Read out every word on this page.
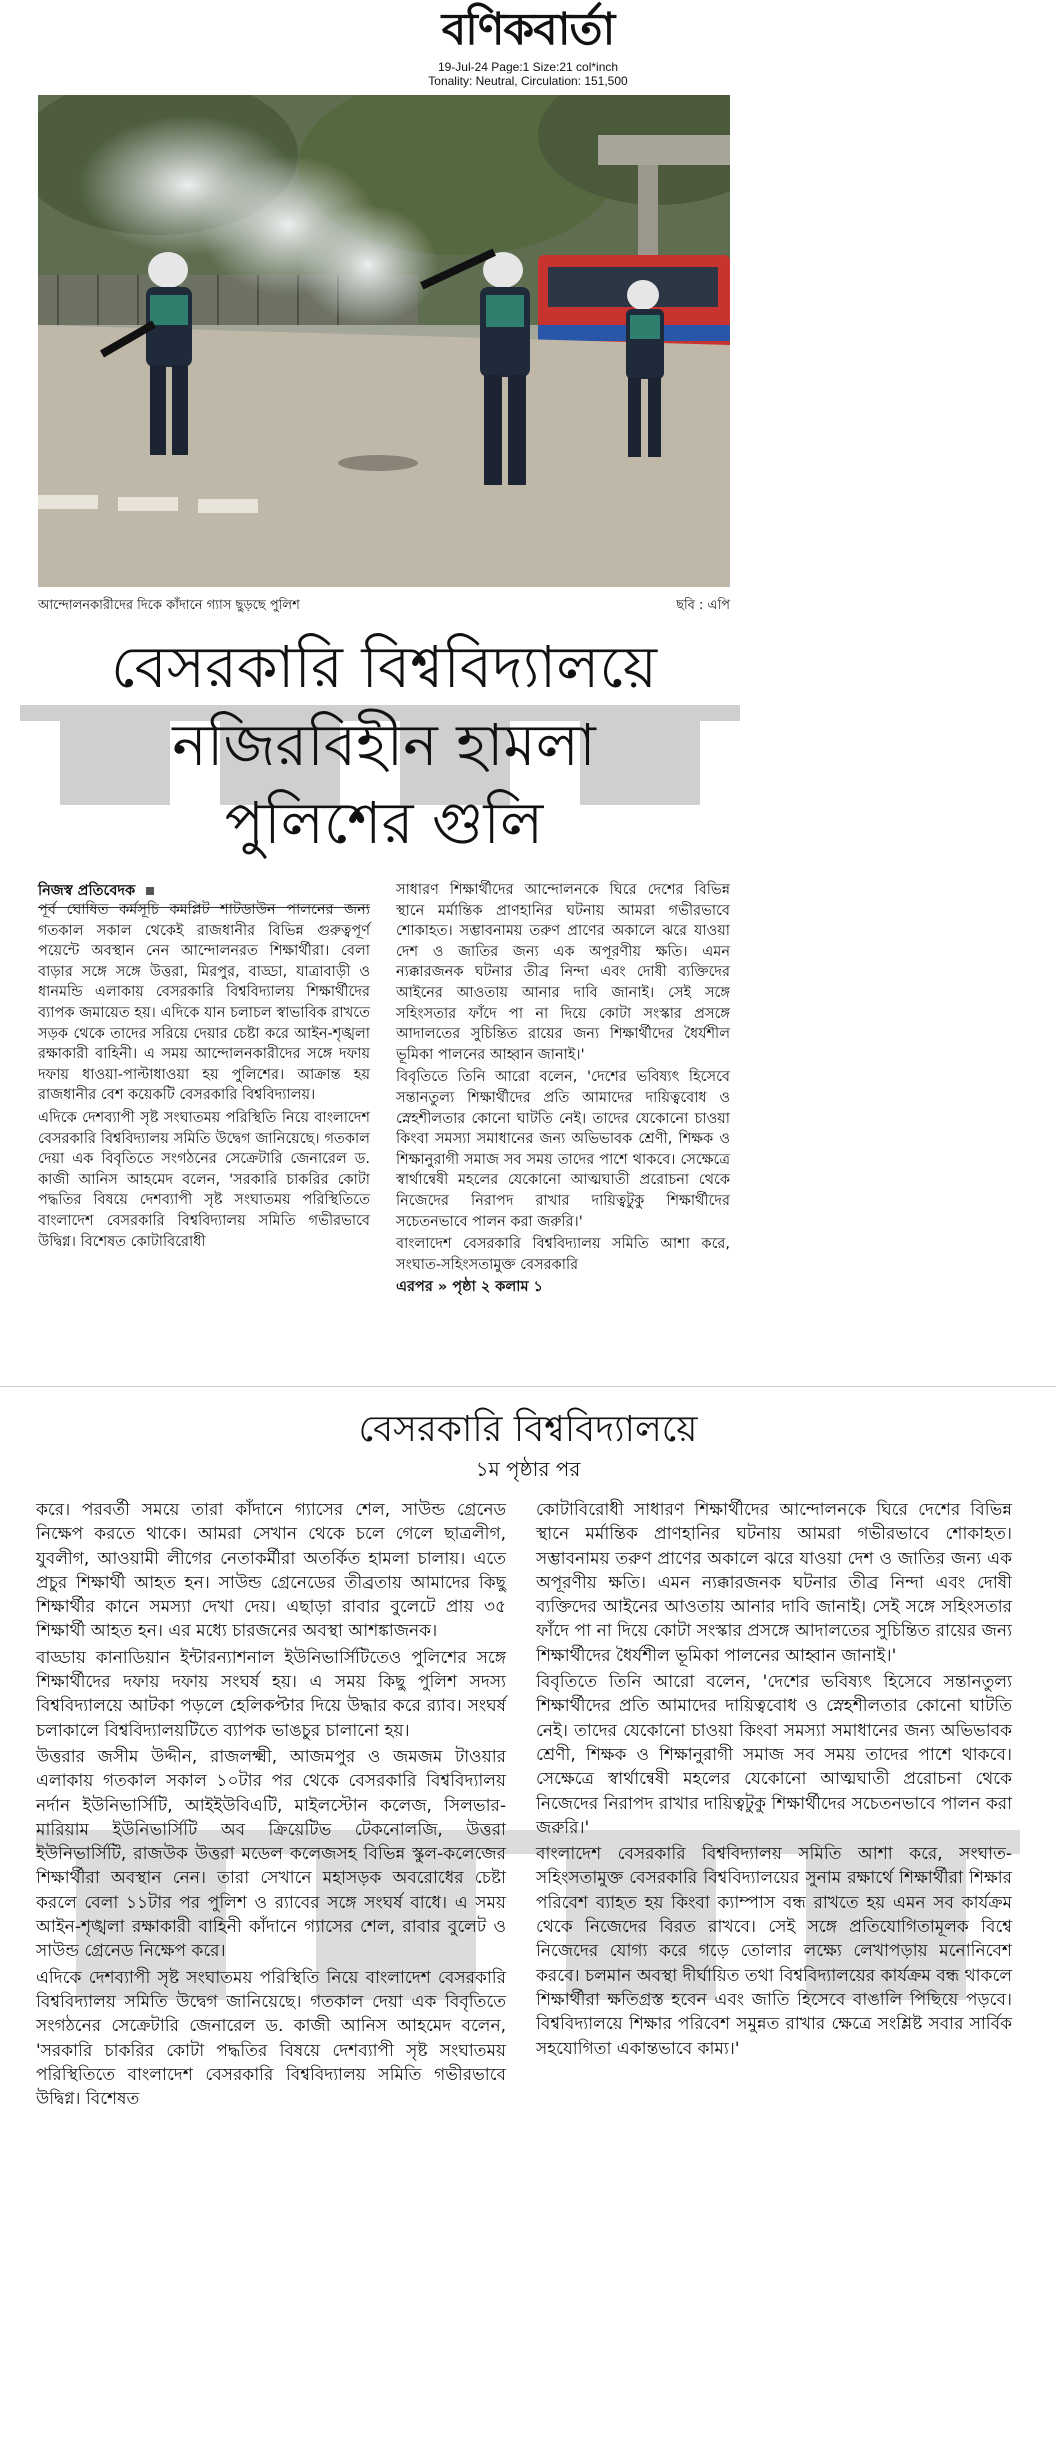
বণিকবার্তা
19-Jul-24 Page:1 Size:21 col*inch
Tonality: Neutral, Circulation: 151,500
আন্দোলনকারীদের দিকে কাঁদানে গ্যাস ছুড়ছে পুলিশ	ছবি : এপি
বেসরকারি বিশ্ববিদ্যালয়ে
নজিরবিহীন হামলা
পুলিশের গুলি
নিজস্ব প্রতিবেদক

পূর্ব ঘোষিত কর্মসূচি কমপ্লিট শাটডাউন পালনের জন্য গতকাল সকাল থেকেই রাজধানীর বিভিন্ন গুরুত্বপূর্ণ পয়েন্টে অবস্থান নেন আন্দোলনরত শিক্ষার্থীরা। বেলা বাড়ার সঙ্গে সঙ্গে উত্তরা, মিরপুর, বাড্ডা, যাত্রাবাড়ী ও ধানমন্ডি এলাকায় বেসরকারি বিশ্ববিদ্যালয় শিক্ষার্থীদের ব্যাপক জমায়েত হয়। এদিকে যান চলাচল স্বাভাবিক রাখতে সড়ক থেকে তাদের সরিয়ে দেয়ার চেষ্টা করে আইন-শৃঙ্খলা রক্ষাকারী বাহিনী। এ সময় আন্দোলনকারীদের সঙ্গে দফায় দফায় ধাওয়া-পাল্টাধাওয়া হয় পুলিশের। আক্রান্ত হয় রাজধানীর বেশ কয়েকটি বেসরকারি বিশ্ববিদ্যালয়।

এদিকে দেশব্যাপী সৃষ্ট সংঘাতময় পরিস্থিতি নিয়ে বাংলাদেশ বেসরকারি বিশ্ববিদ্যালয় সমিতি উদ্বেগ জানিয়েছে। গতকাল দেয়া এক বিবৃতিতে সংগঠনের সেক্রেটারি জেনারেল ড. কাজী আনিস আহমেদ বলেন, 'সরকারি চাকরির কোটা পদ্ধতির বিষয়ে দেশব্যাপী সৃষ্ট সংঘাতময় পরিস্থিতিতে বাংলাদেশ বেসরকারি বিশ্ববিদ্যালয় সমিতি গভীরভাবে উদ্বিগ্ন। বিশেষত কোটাবিরোধী

সাধারণ শিক্ষার্থীদের আন্দোলনকে ঘিরে দেশের বিভিন্ন স্থানে মর্মান্তিক প্রাণহানির ঘটনায় আমরা গভীরভাবে শোকাহত। সম্ভাবনাময় তরুণ প্রাণের অকালে ঝরে যাওয়া দেশ ও জাতির জন্য এক অপূরণীয় ক্ষতি। এমন ন্যক্কারজনক ঘটনার তীব্র নিন্দা এবং দোষী ব্যক্তিদের আইনের আওতায় আনার দাবি জানাই। সেই সঙ্গে সহিংসতার ফাঁদে পা না দিয়ে কোটা সংস্কার প্রসঙ্গে আদালতের সুচিন্তিত রায়ের জন্য শিক্ষার্থীদের ধৈর্যশীল ভূমিকা পালনের আহ্বান জানাই।'

বিবৃতিতে তিনি আরো বলেন, 'দেশের ভবিষ্যৎ হিসেবে সন্তানতুল্য শিক্ষার্থীদের প্রতি আমাদের দায়িত্ববোধ ও স্নেহশীলতার কোনো ঘাটতি নেই। তাদের যেকোনো চাওয়া কিংবা সমস্যা সমাধানের জন্য অভিভাবক শ্রেণী, শিক্ষক ও শিক্ষানুরাগী সমাজ সব সময় তাদের পাশে থাকবে। সেক্ষেত্রে স্বার্থান্বেষী মহলের যেকোনো আত্মঘাতী প্ররোচনা থেকে নিজেদের নিরাপদ রাখার দায়িত্বটুকু শিক্ষার্থীদের সচেতনভাবে পালন করা জরুরি।'

বাংলাদেশ বেসরকারি বিশ্ববিদ্যালয় সমিতি আশা করে, সংঘাত-সহিংসতামুক্ত বেসরকারি

এরপর » পৃষ্ঠা ২ কলাম ১

বেসরকারি বিশ্ববিদ্যালয়ে
১ম পৃষ্ঠার পর

করে। পরবর্তী সময়ে তারা কাঁদানে গ্যাসের শেল, সাউন্ড গ্রেনেড নিক্ষেপ করতে থাকে। আমরা সেখান থেকে চলে গেলে ছাত্রলীগ, যুবলীগ, আওয়ামী লীগের নেতাকর্মীরা অতর্কিত হামলা চালায়। এতে প্রচুর শিক্ষার্থী আহত হন। সাউন্ড গ্রেনেডের তীব্রতায় আমাদের কিছু শিক্ষার্থীর কানে সমস্যা দেখা দেয়। এছাড়া রাবার বুলেটে প্রায় ৩৫ শিক্ষার্থী আহত হন। এর মধ্যে চারজনের অবস্থা আশঙ্কাজনক।

বাড্ডায় কানাডিয়ান ইন্টারন্যাশনাল ইউনিভার্সিটিতেও পুলিশের সঙ্গে শিক্ষার্থীদের দফায় দফায় সংঘর্ষ হয়। এ সময় কিছু পুলিশ সদস্য বিশ্ববিদ্যালয়ে আটকা পড়লে হেলিকপ্টার দিয়ে উদ্ধার করে র‍্যাব। সংঘর্ষ চলাকালে বিশ্ববিদ্যালয়টিতে ব্যাপক ভাঙচুর চালানো হয়।

উত্তরার জসীম উদ্দীন, রাজলক্ষ্মী, আজমপুর ও জমজম টাওয়ার এলাকায় গতকাল সকাল ১০টার পর থেকে বেসরকারি বিশ্ববিদ্যালয় নর্দান ইউনিভার্সিটি, আইইউবিএটি, মাইলস্টোন কলেজ, সিলভার-মারিয়াম ইউনিভার্সিটি অব ক্রিয়েটিভ টেকনোলজি, উত্তরা ইউনিভার্সিটি, রাজউক উত্তরা মডেল কলেজসহ বিভিন্ন স্কুল-কলেজের শিক্ষার্থীরা অবস্থান নেন। তারা সেখানে মহাসড়ক অবরোধের চেষ্টা করলে বেলা ১১টার পর পুলিশ ও র‍্যাবের সঙ্গে সংঘর্ষ বাধে। এ সময় আইন-শৃঙ্খলা রক্ষাকারী বাহিনী কাঁদানে গ্যাসের শেল, রাবার বুলেট ও সাউন্ড গ্রেনেড নিক্ষেপ করে।

এদিকে দেশব্যাপী সৃষ্ট সংঘাতময় পরিস্থিতি নিয়ে বাংলাদেশ বেসরকারি বিশ্ববিদ্যালয় সমিতি উদ্বেগ জানিয়েছে। গতকাল দেয়া এক বিবৃতিতে সংগঠনের সেক্রেটারি জেনারেল ড. কাজী আনিস আহমেদ বলেন, 'সরকারি চাকরির কোটা পদ্ধতির বিষয়ে দেশব্যাপী সৃষ্ট সংঘাতময় পরিস্থিতিতে বাংলাদেশ বেসরকারি বিশ্ববিদ্যালয় সমিতি গভীরভাবে উদ্বিগ্ন। বিশেষত

কোটাবিরোধী সাধারণ শিক্ষার্থীদের আন্দোলনকে ঘিরে দেশের বিভিন্ন স্থানে মর্মান্তিক প্রাণহানির ঘটনায় আমরা গভীরভাবে শোকাহত। সম্ভাবনাময় তরুণ প্রাণের অকালে ঝরে যাওয়া দেশ ও জাতির জন্য এক অপূরণীয় ক্ষতি। এমন ন্যক্কারজনক ঘটনার তীব্র নিন্দা এবং দোষী ব্যক্তিদের আইনের আওতায় আনার দাবি জানাই। সেই সঙ্গে সহিংসতার ফাঁদে পা না দিয়ে কোটা সংস্কার প্রসঙ্গে আদালতের সুচিন্তিত রায়ের জন্য শিক্ষার্থীদের ধৈর্যশীল ভূমিকা পালনের আহ্বান জানাই।'

বিবৃতিতে তিনি আরো বলেন, 'দেশের ভবিষ্যৎ হিসেবে সন্তানতুল্য শিক্ষার্থীদের প্রতি আমাদের দায়িত্ববোধ ও স্নেহশীলতার কোনো ঘাটতি নেই। তাদের যেকোনো চাওয়া কিংবা সমস্যা সমাধানের জন্য অভিভাবক শ্রেণী, শিক্ষক ও শিক্ষানুরাগী সমাজ সব সময় তাদের পাশে থাকবে। সেক্ষেত্রে স্বার্থান্বেষী মহলের যেকোনো আত্মঘাতী প্ররোচনা থেকে নিজেদের নিরাপদ রাখার দায়িত্বটুকু শিক্ষার্থীদের সচেতনভাবে পালন করা জরুরি।'

বাংলাদেশ বেসরকারি বিশ্ববিদ্যালয় সমিতি আশা করে, সংঘাত-সহিংসতামুক্ত বেসরকারি বিশ্ববিদ্যালয়ের সুনাম রক্ষার্থে শিক্ষার্থীরা শিক্ষার পরিবেশ ব্যাহত হয় কিংবা ক্যাম্পাস বন্ধ রাখতে হয় এমন সব কার্যক্রম থেকে নিজেদের বিরত রাখবে। সেই সঙ্গে প্রতিযোগিতামূলক বিশ্বে নিজেদের যোগ্য করে গড়ে তোলার লক্ষ্যে লেখাপড়ায় মনোনিবেশ করবে। চলমান অবস্থা দীর্ঘায়িত তথা বিশ্ববিদ্যালয়ের কার্যক্রম বন্ধ থাকলে শিক্ষার্থীরা ক্ষতিগ্রস্ত হবেন এবং জাতি হিসেবে বাঙালি পিছিয়ে পড়বে। বিশ্ববিদ্যালয়ে শিক্ষার পরিবেশ সমুন্নত রাখার ক্ষেত্রে সংশ্লিষ্ট সবার সার্বিক সহযোগিতা একান্তভাবে কাম্য।'
